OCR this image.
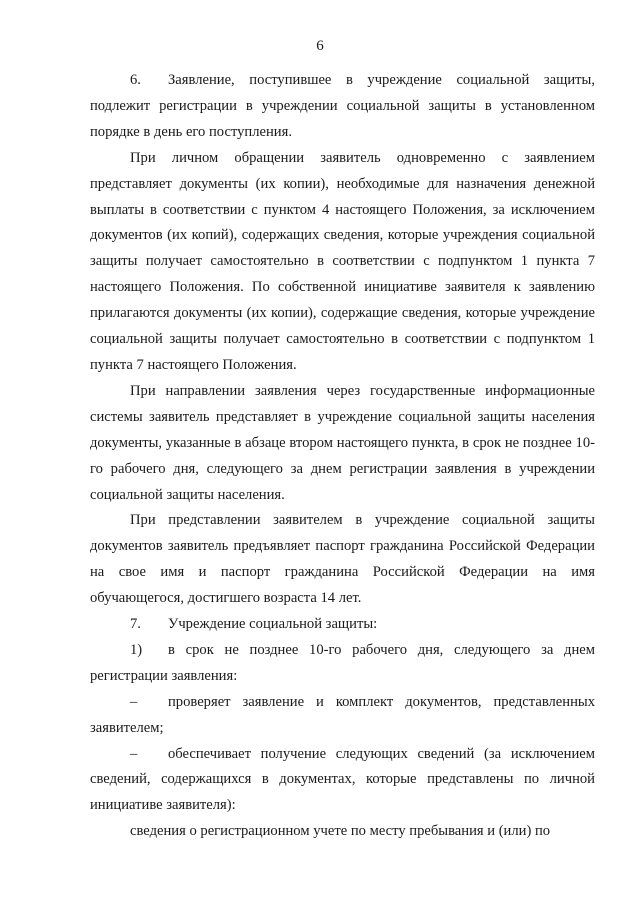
6

6. Заявление, поступившее в учреждение социальной защиты, подлежит регистрации в учреждении социальной защиты в установленном порядке в день его поступления.

При личном обращении заявитель одновременно с заявлением представляет документы (их копии), необходимые для назначения денежной выплаты в соответствии с пунктом 4 настоящего Положения, за исключением документов (их копий), содержащих сведения, которые учреждения социальной защиты получает самостоятельно в соответствии с подпунктом 1 пункта 7 настоящего Положения. По собственной инициативе заявителя к заявлению прилагаются документы (их копии), содержащие сведения, которые учреждение социальной защиты получает самостоятельно в соответствии с подпунктом 1 пункта 7 настоящего Положения.

При направлении заявления через государственные информационные системы заявитель представляет в учреждение социальной защиты населения документы, указанные в абзаце втором настоящего пункта, в срок не позднее 10-го рабочего дня, следующего за днем регистрации заявления в учреждении социальной защиты населения.

При представлении заявителем в учреждение социальной защиты документов заявитель предъявляет паспорт гражданина Российской Федерации на свое имя и паспорт гражданина Российской Федерации на имя обучающегося, достигшего возраста 14 лет.

7. Учреждение социальной защиты:

1) в срок не позднее 10-го рабочего дня, следующего за днем регистрации заявления:

– проверяет заявление и комплект документов, представленных заявителем;

– обеспечивает получение следующих сведений (за исключением сведений, содержащихся в документах, которые представлены по личной инициативе заявителя):

сведения о регистрационном учете по месту пребывания и (или) по
